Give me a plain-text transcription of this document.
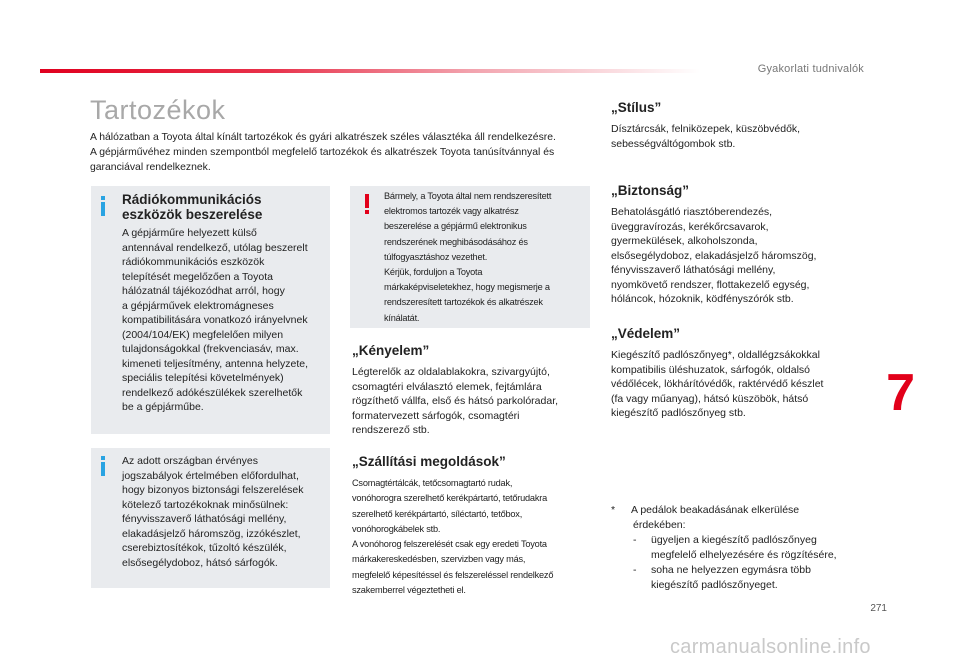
Gyakorlati tudnivalók
Tartozékok

A hálózatban a Toyota által kínált tartozékok és gyári alkatrészek széles választéka áll rendelkezésre.

A gépjárművéhez minden szempontból megfelelő tartozékok és alkatrészek Toyota tanúsítvánnyal és

garanciával rendelkeznek.

Rádiókommunikációs
eszközök beszerelése
A gépjárműre helyezett külső
antennával rendelkező, utólag beszerelt
rádiókommunikációs eszközök
telepítését megelőzően a Toyota
hálózatnál tájékozódhat arról, hogy
a gépjárművek elektromágneses
kompatibilitására vonatkozó irányelvnek
(2004/104/EK) megfelelően milyen
tulajdonságokkal (frekvenciasáv, max.
kimeneti teljesítmény, antenna helyzete,
speciális telepítési követelmények)
rendelkező adókészülékek szerelhetők
be a gépjárműbe.
Az adott országban érvényes
jogszabályok értelmében előfordulhat,
hogy bizonyos biztonsági felszerelések
kötelező tartozékoknak minősülnek:
fényvisszaverő láthatósági mellény,
elakadásjelző háromszög, izzókészlet,
cserebiztosítékok, tűzoltó készülék,
elsősegélydoboz, hátsó sárfogók.
Bármely, a Toyota által nem rendszeresített
elektromos tartozék vagy alkatrész
beszerelése a gépjármű elektronikus
rendszerének meghibásodásához és
túlfogyasztáshoz vezethet.
Kérjük, forduljon a Toyota
márkaképviseletekhez, hogy megismerje a
rendszeresített tartozékok és alkatrészek
kínálatát.
„Kényelem”
Légterelők az oldalablakokra, szivargyújtó,
csomagtéri elválasztó elemek, fejtámlára
rögzíthető vállfa, első és hátsó parkolóradar,
formatervezett sárfogók, csomagtéri
rendszerező stb.
„Szállítási megoldások”
Csomagtértálcák, tetőcsomagtartó rudak,
vonóhorogra szerelhető kerékpártartó, tetőrudakra
szerelhető kerékpártartó, síléctartó, tetőbox,
vonóhorogkábelek stb.
A vonóhorog felszerelését csak egy eredeti Toyota
márkakereskedésben, szervizben vagy más,
megfelelő képesítéssel és felszereléssel rendelkező
szakemberrel végeztetheti el.
„Stílus”
Dísztárcsák, felniközepek, küszöbvédők,
sebességváltógombok stb.
„Biztonság”
Behatolásgátló riasztóberendezés,
üveggravírozás, kerékőrcsavarok,
gyermekülések, alkoholszonda,
elsősegélydoboz, elakadásjelző háromszög,
fényvisszaverő láthatósági mellény,
nyomkövető rendszer, flottakezelő egység,
hóláncok, hózoknik, ködfényszórók stb.
„Védelem”
Kiegészítő padlószőnyeg*, oldallégzsákokkal
kompatibilis üléshuzatok, sárfogók, oldalsó
védőlécek, lökhárítóvédők, raktérvédő készlet
(fa vagy műanyag), hátsó küszöbök, hátsó
kiegészítő padlószőnyeg stb.	7
* A pedálok beakadásának elkerülése
érdekében:
- ügyeljen a kiegészítő padlószőnyeg
megfelelő elhelyezésére és rögzítésére,
- soha ne helyezzen egymásra több
kiegészítő padlószőnyeget.
271
carmanualsonline.info
